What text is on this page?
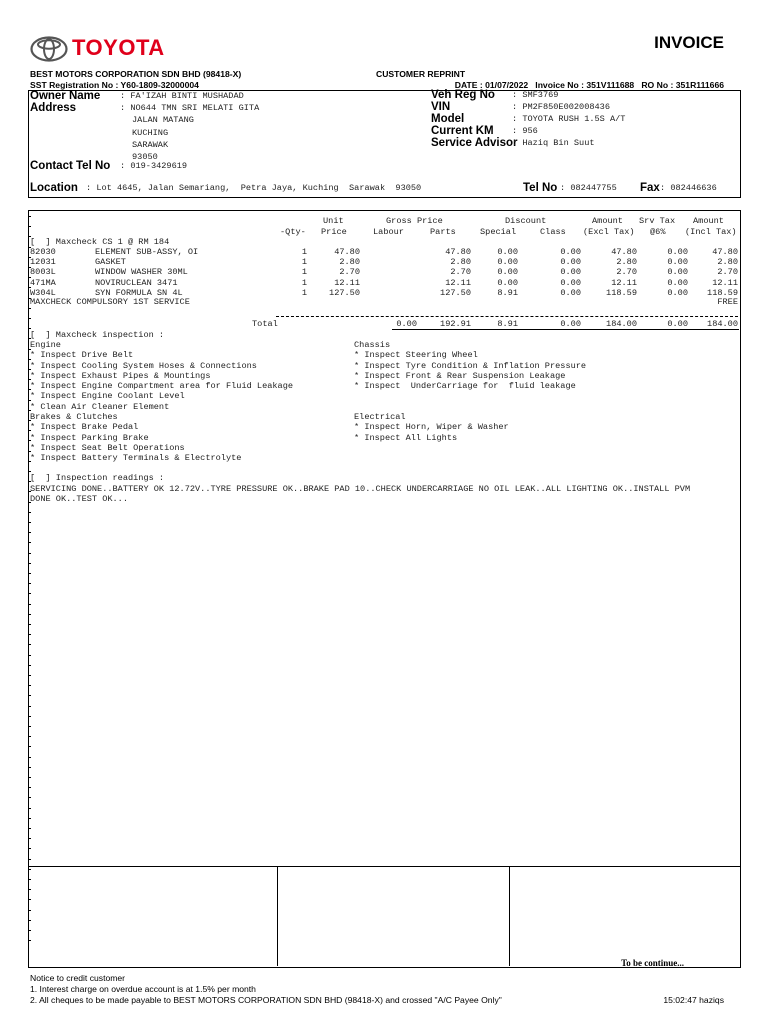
TOYOTA	INVOICE
BEST MOTORS CORPORATION SDN BHD (98418-X)
SST Registration No : Y60-1809-32000004
CUSTOMER REPRINT
DATE : 01/07/2022   Invoice No : 351V111688   RO No : 351R111666
Owner Name : FA'IZAH BINTI MUSHADAD
Address	: NO644 TMN SRI MELATI GITA
JALAN MATANG
KUCHING
SARAWAK
93050
Contact Tel No : 019-3429619
Veh Reg No : SMF3769
VIN	: PM2F850E002008436
Model	: TOYOTA RUSH 1.5S A/T
Current KM : 956
Service Advisor
: Haziq Bin Suut
Location : Lot 4645, Jalan Semariang,  Petra Jaya, Kuching  Sarawak  93050	Tel No : 082447755 Fax : 082446636
Unit	Gross Price	Discount	Amount Srv Tax Amount
-Qty- Price	Labour	Parts	Special	Class (Excl Tax) @6% (Incl Tax)
[  ] Maxcheck CS 1 @ RM 184
82030	ELEMENT SUB-ASSY, OI	1	47.80	47.80	0.00	0.00	47.80	0.00	47.80
12031	GASKET	1	2.80	2.80	0.00	0.00	2.80	0.00	2.80
8003L	WINDOW WASHER 30ML	1	2.70	2.70	0.00	0.00	2.70	0.00	2.70
471MA	NOVIRUCLEAN 3471	1	12.11	12.11	0.00	0.00	12.11	0.00	12.11
W304L	SYN FORMULA SN 4L	1	127.50	127.50	8.91	0.00	118.59	0.00 118.59
MAXCHECK COMPULSORY 1ST SERVICE	FREE
Total	0.00	192.91	8.91	0.00	184.00	0.00 184.00
[  ] Maxcheck inspection :
Engine
* Inspect Drive Belt
* Inspect Cooling System Hoses & Connections
* Inspect Exhaust Pipes & Mountings
* Inspect Engine Compartment area for Fluid Leakage
* Inspect Engine Coolant Level
* Clean Air Cleaner Element
Brakes & Clutches
* Inspect Brake Pedal
* Inspect Parking Brake
* Inspect Seat Belt Operations
* Inspect Battery Terminals & Electrolyte
Chassis
* Inspect Steering Wheel
* Inspect Tyre Condition & Inflation Pressure
* Inspect Front & Rear Suspension Leakage
* Inspect  UnderCarriage for  fluid leakage
Electrical
* Inspect Horn, Wiper & Washer
* Inspect All Lights
[  ] Inspection readings :
SERVICING DONE..BATTERY OK 12.72V..TYRE PRESSURE OK..BRAKE PAD 10..CHECK UNDERCARRIAGE NO OIL LEAK..ALL LIGHTING OK..INSTALL PVM
DONE OK..TEST OK...
To be continue...
Notice to credit customer
1. Interest charge on overdue account is at 1.5% per month
2. All cheques to be made payable to BEST MOTORS CORPORATION SDN BHD (98418-X) and crossed "A/C Payee Only"	15:02:47 haziqs
